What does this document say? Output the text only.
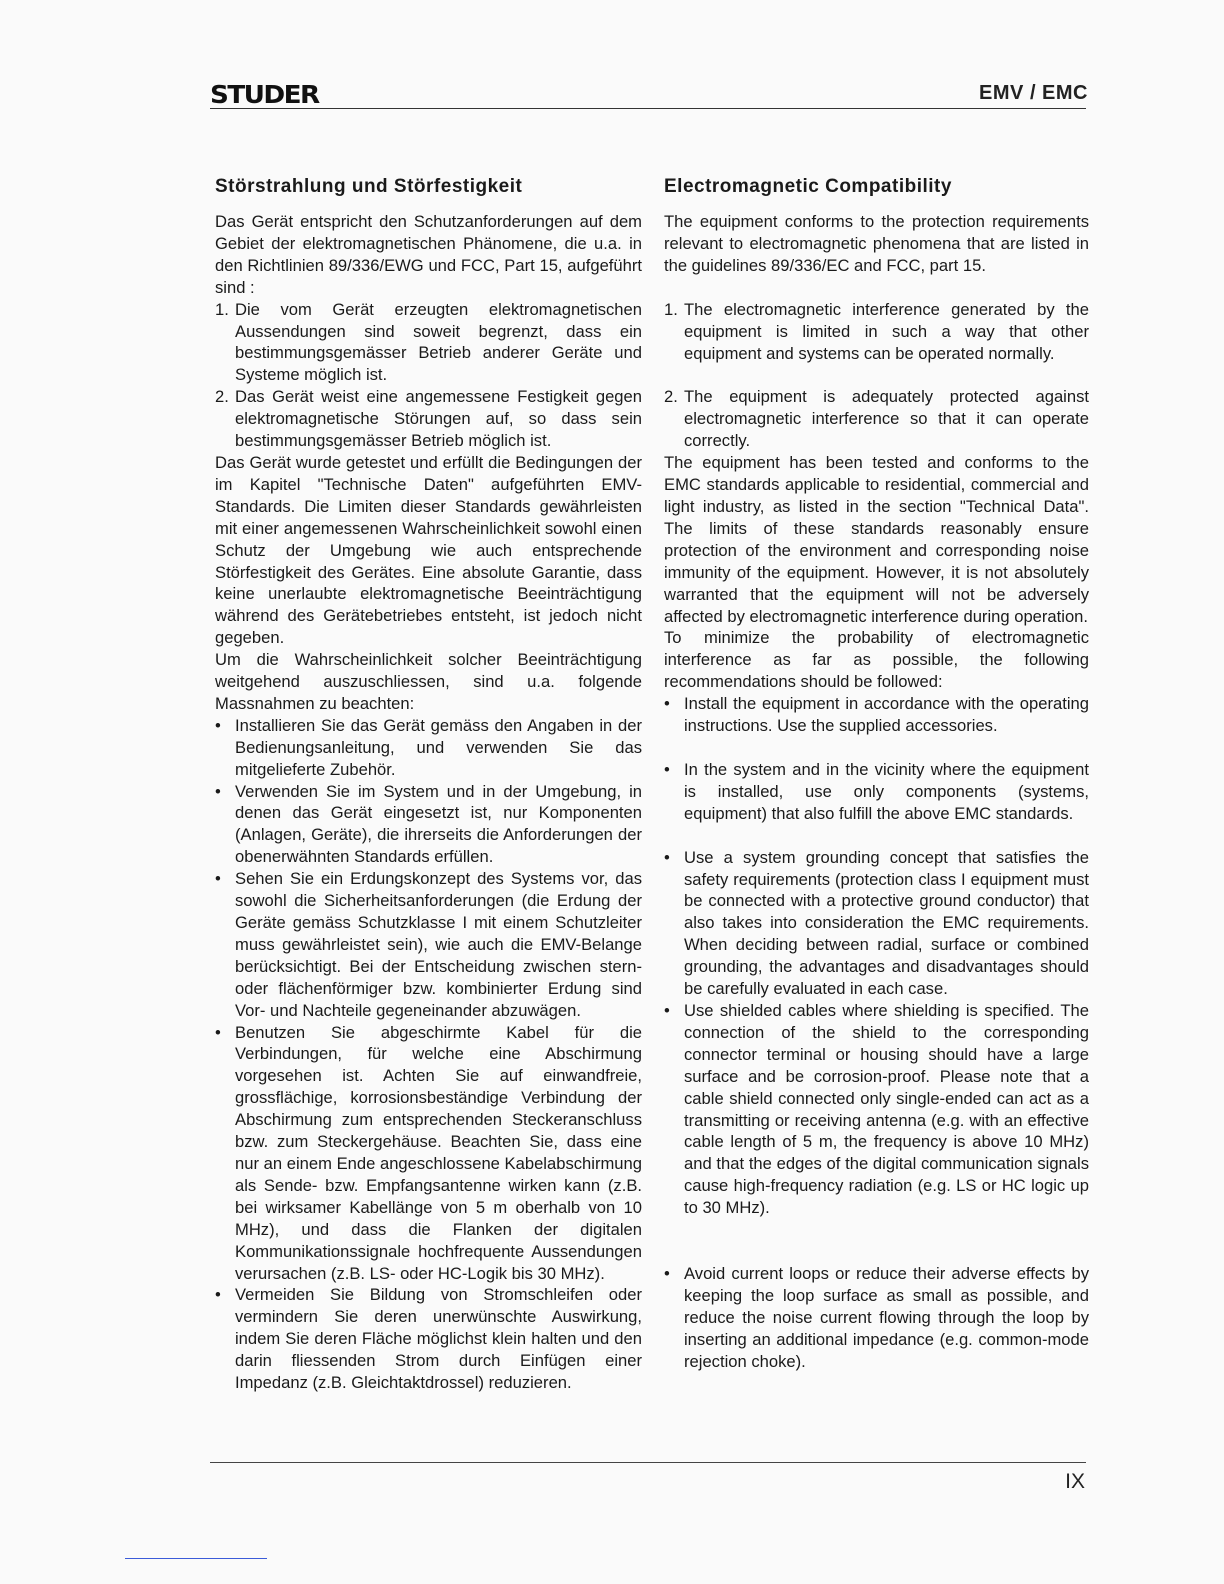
STUDER	EMV / EMC
Störstrahlung und Störfestigkeit

Das Gerät entspricht den Schutzanforderungen auf dem Gebiet der elektromagnetischen Phänomene, die u.a. in den Richtlinien 89/336/EWG und FCC, Part 15, aufgeführt sind :

1. Die vom Gerät erzeugten elektromagnetischen Aussendungen sind soweit begrenzt, dass ein bestimmungsgemässer Betrieb anderer Geräte und Systeme möglich ist.
2. Das Gerät weist eine angemessene Festigkeit gegen elektromagnetische Störungen auf, so dass sein bestimmungsgemässer Betrieb möglich ist.

Das Gerät wurde getestet und erfüllt die Bedingungen der im Kapitel "Technische Daten" aufgeführten EMV-Standards. Die Limiten dieser Standards gewährleisten mit einer angemessenen Wahrscheinlichkeit sowohl einen Schutz der Umgebung wie auch entsprechende Störfestigkeit des Gerätes. Eine absolute Garantie, dass keine unerlaubte elektromagnetische Beeinträchtigung während des Gerätebetriebes entsteht, ist jedoch nicht gegeben.

Um die Wahrscheinlichkeit solcher Beeinträchtigung weitgehend auszuschliessen, sind u.a. folgende Massnahmen zu beachten:

• Installieren Sie das Gerät gemäss den Angaben in der Bedienungsanleitung, und verwenden Sie das mitgelieferte Zubehör.
• Verwenden Sie im System und in der Umgebung, in denen das Gerät eingesetzt ist, nur Komponenten (Anlagen, Geräte), die ihrerseits die Anforderungen der obenerwähnten Standards erfüllen.
• Sehen Sie ein Erdungskonzept des Systems vor, das sowohl die Sicherheitsanforderungen (die Erdung der Geräte gemäss Schutzklasse I mit einem Schutzleiter muss gewährleistet sein), wie auch die EMV-Belange berücksichtigt. Bei der Entscheidung zwischen stern- oder flächenförmiger bzw. kombinierter Erdung sind Vor- und Nachteile gegeneinander abzuwägen.
• Benutzen Sie abgeschirmte Kabel für die Verbindungen, für welche eine Abschirmung vorgesehen ist. Achten Sie auf einwandfreie, grossflächige, korrosionsbeständige Verbindung der Abschirmung zum entsprechenden Steckeranschluss bzw. zum Steckergehäuse. Beachten Sie, dass eine nur an einem Ende angeschlossene Kabelabschirmung als Sende- bzw. Empfangsantenne wirken kann (z.B. bei wirksamer Kabellänge von 5 m oberhalb von 10 MHz), und dass die Flanken der digitalen Kommunikationssignale hochfrequente Aussendungen verursachen (z.B. LS- oder HC-Logik bis 30 MHz).
• Vermeiden Sie Bildung von Stromschleifen oder vermindern Sie deren unerwünschte Auswirkung, indem Sie deren Fläche möglichst klein halten und den darin fliessenden Strom durch Einfügen einer Impedanz (z.B. Gleichtaktdrossel) reduzieren.
Electromagnetic Compatibility

The equipment conforms to the protection requirements relevant to electromagnetic phenomena that are listed in the guidelines 89/336/EC and FCC, part 15.

1. The electromagnetic interference generated by the equipment is limited in such a way that other equipment and systems can be operated normally.
2. The equipment is adequately protected against electromagnetic interference so that it can operate correctly.

The equipment has been tested and conforms to the EMC standards applicable to residential, commercial and light industry, as listed in the section "Technical Data". The limits of these standards reasonably ensure protection of the environment and corresponding noise immunity of the equipment. However, it is not absolutely warranted that the equipment will not be adversely affected by electromagnetic interference during operation.

To minimize the probability of electromagnetic interference as far as possible, the following recommendations should be followed:

• Install the equipment in accordance with the operating instructions. Use the supplied accessories.
• In the system and in the vicinity where the equipment is installed, use only components (systems, equipment) that also fulfill the above EMC standards.
• Use a system grounding concept that satisfies the safety requirements (protection class I equipment must be connected with a protective ground conductor) that also takes into consideration the EMC requirements. When deciding between radial, surface or combined grounding, the advantages and disadvantages should be carefully evaluated in each case.
• Use shielded cables where shielding is specified. The connection of the shield to the corresponding connector terminal or housing should have a large surface and be corrosion-proof. Please note that a cable shield connected only single-ended can act as a transmitting or receiving antenna (e.g. with an effective cable length of 5 m, the frequency is above 10 MHz) and that the edges of the digital communication signals cause high-frequency radiation (e.g. LS or HC logic up to 30 MHz).
• Avoid current loops or reduce their adverse effects by keeping the loop surface as small as possible, and reduce the noise current flowing through the loop by inserting an additional impedance (e.g. common-mode rejection choke).
IX
